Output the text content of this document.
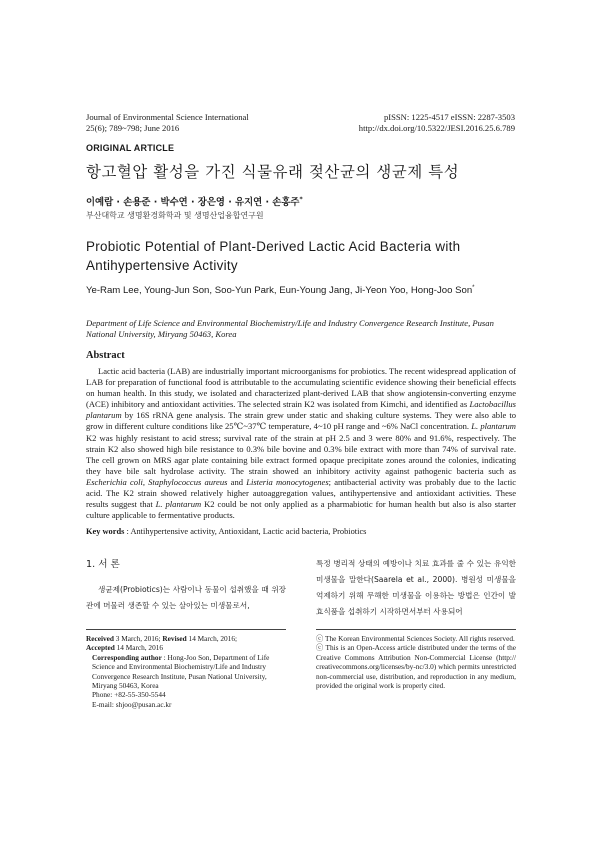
Journal of Environmental Science International
25(6); 789~798; June 2016
pISSN: 1225-4517 eISSN: 2287-3503
http://dx.doi.org/10.5322/JESI.2016.25.6.789
ORIGINAL ARTICLE
항고혈압 활성을 가진 식물유래 젖산균의 생균제 특성
이예람 · 손용준 · 박수연 · 장은영 · 유지연 · 손홍주*
부산대학교 생명환경화학과 및 생명산업융합연구원
Probiotic Potential of Plant-Derived Lactic Acid Bacteria with Antihypertensive Activity
Ye-Ram Lee, Young-Jun Son, Soo-Yun Park, Eun-Young Jang, Ji-Yeon Yoo, Hong-Joo Son*
Department of Life Science and Environmental Biochemistry/Life and Industry Convergence Research Institute, Pusan National University, Miryang 50463, Korea
Abstract

Lactic acid bacteria (LAB) are industrially important microorganisms for probiotics. The recent widespread application of LAB for preparation of functional food is attributable to the accumulating scientific evidence showing their beneficial effects on human health. In this study, we isolated and characterized plant-derived LAB that show angiotensin-converting enzyme (ACE) inhibitory and antioxidant activities. The selected strain K2 was isolated from Kimchi, and identified as Lactobacillus plantarum by 16S rRNA gene analysis. The strain grew under static and shaking culture systems. They were also able to grow in different culture conditions like 25℃~37℃ temperature, 4~10 pH range and ~6% NaCl concentration. L. plantarum K2 was highly resistant to acid stress; survival rate of the strain at pH 2.5 and 3 were 80% and 91.6%, respectively. The strain K2 also showed high bile resistance to 0.3% bile bovine and 0.3% bile extract with more than 74% of survival rate. The cell grown on MRS agar plate containing bile extract formed opaque precipitate zones around the colonies, indicating they have bile salt hydrolase activity. The strain showed an inhibitory activity against pathogenic bacteria such as Escherichia coli, Staphylococcus aureus and Listeria monocytogenes; antibacterial activity was probably due to the lactic acid. The K2 strain showed relatively higher autoaggregation values, antihypertensive and antioxidant activities. These results suggest that L. plantarum K2 could be not only applied as a pharmabiotic for human health but also is also starter culture applicable to fermentative products.

Key words : Antihypertensive activity, Antioxidant, Lactic acid bacteria, Probiotics
1. 서 론

생균제(Probiotics)는 사람이나 동물이 섭취했을 때 위장관에 머물러 생존할 수 있는 살아있는 미생물로서,

특정 병리적 상태의 예방이나 치료 효과를 줄 수 있는 유익한 미생물을 말한다(Saarela et al., 2000). 병원성 미생물을 억제하기 위해 무해한 미생물을 이용하는 방법은 인간이 발효식품을 섭취하기 시작하면서부터 사용되어

Received 3 March, 2016; Revised 14 March, 2016;
Accepted 14 March, 2016
Corresponding author : Hong-Joo Son, Department of Life Science and Environmental Biochemistry/Life and Industry Convergence Research Institute, Pusan National University, Miryang 50463, Korea
Phone: +82-55-350-5544
E-mail: shjoo@pusan.ac.kr
ⓒ The Korean Environmental Sciences Society. All rights reserved.
ⓒ This is an Open-Access article distributed under the terms of the Creative Commons Attribution Non-Commercial License (http:// creativecommons.org/licenses/by-nc/3.0) which permits unrestricted non-commercial use, distribution, and reproduction in any medium, provided the original work is properly cited.
